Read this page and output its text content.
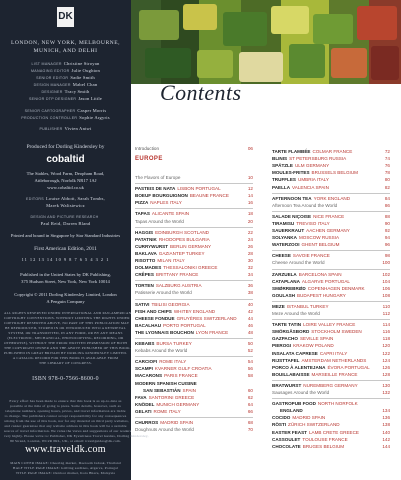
DK
LONDON, NEW YORK, MELBOURNE,
MUNICH, AND DELHI
LIST MANAGER Christine Stroyan
MANAGING EDITOR Julie Oughton
SENIOR EDITOR Sadie Smith
DESIGN MANAGER Mabel Chan
DESIGNER Tracy Smith
SENIOR DTP DESIGNER Jason Little
SENIOR CARTOGRAPHER Casper Morris
PRODUCTION CONTROLLER Sophie Argyris
PUBLISHER Vivien Antwi
Produced for Dorling Kindersley by
cobaltid
The Stables, Wood Farm, Deopham Road,
Attleborough, Norfolk NR17 1AJ
www.cobaltid.co.uk
EDITORS Louise Abbott, Sarah Tombs,
Marek Walisiewicz
DESIGN AND PICTURE RESEARCH
Paul Reid, Darren Bland
Printed and bound in Singapore by Star Standard Industries
First American Edition, 2011
11 12 13 14 10 9 8 7 6 5 4 3 2 1
Published in the United States by DK Publishing,
375 Hudson Street, New York, New York 10014
Copyright © 2011 Dorling Kindersley Limited, London
A Penguin Company
ALL RIGHTS RESERVED UNDER INTERNATIONAL AND PAN-AMERICAN
COPYRIGHT CONVENTIONS. WITHOUT LIMITING THE RIGHTS UNDER
COPYRIGHT RESERVED ABOVE, NO PART OF THIS PUBLICATION MAY
BE REPRODUCED, STORED IN OR INTRODUCED INTO A RETRIEVAL
SYSTEM, OR TRANSMITTED, IN ANY FORM, OR BY ANY MEANS
(ELECTRONIC, MECHANICAL, PHOTOCOPYING, RECORDING, OR
OTHERWISE), WITHOUT THE PRIOR WRITTEN PERMISSION OF BOTH
THE COPYRIGHT OWNER AND THE ABOVE PUBLISHER OF THIS BOOK.
PUBLISHED IN GREAT BRITAIN BY DORLING KINDERSLEY LIMITED.
A CATALOG RECORD FOR THIS BOOK IS AVAILABLE FROM
THE LIBRARY OF CONGRESS.
ISBN 978-0-7566-8600-0
Every effort has been made to ensure that this book is as up-to-date as
possible at the time of going to press. Some details, however, such as
telephone numbers, opening hours, prices, and travel information are liable
to change. The publishers cannot accept responsibility for any consequences
arising from the use of this book, nor for any material on third party websites,
and cannot guarantee that any website address in this book will be a suitable
source of travel information. We value the views and suggestions of our readers
very highly. Please write to: Publisher, DK Eyewitness Travel Guides, Dorling Kindersley,
80 Strand, London, WC2R 0RL, UK, or email: travelguides@dk.com.
www.traveldk.com
MAIN COVER IMAGE: Cheering market, Daeroem Jadaak, Thailand
HALF TITLE PAGE IMAGE: Grilling sardines, Algarve, Portugal
TITLE PAGE IMAGE: Outdoor market, Kota Bharu, Malaysia
Contents
Introduction	06
EUROPE
The Flavors of Europe	10
PASTEIS DE NATA LISBON PORTUGAL	12
BOEUF BOURGUIGNON BEAUNE FRANCE	14
PIZZA NAPLES ITALY	16
TAPAS ALICANTE SPAIN	18
Tapas Around the World	20
HAGGIS EDINBURGH SCOTLAND	22
PATATNIK RHODOPES BULGARIA	24
CURRYWURST BERLIN GERMANY	26
BAKLAVA GAZIANTEP TURKEY	28
RISOTTO MILAN ITALY	30
DOLMADES THESSALONIKI GREECE	32
CRÊPES BRITTANY FRANCE	34
TORTEN SALZBURG AUSTRIA	36
Patisserie Around the World	38
SATIVI TBILISI GEORGIA	40
FISH AND CHIPS WHITBY ENGLAND	42
CHEESE FONDUE GRUYÈRES SWITZERLAND 44
BACALHAU PORTO PORTUGAL	46
THE LYONNAIS BOUCHON LYON FRANCE	48
KEBABS BURSA TURKEY	50
Kebabs Around the World	52
CARCIOFI ROME ITALY	54
SCAMPI KVARNER GULF CROATIA	56
MACARONS PARIS FRANCE	58
MODERN SPANISH CUISINE
SAN SEBASTIÁN SPAIN	60
FAVA SANTORINI GREECE	62
KNÖDEL MUNICH GERMANY	64
GELATI ROME ITALY	66
CHURROS MADRID SPAIN	68
Doughnuts Around the World	70
TARTE FLAMBÉE COLMAR FRANCE	72
BLINIS ST PETERSBURG RUSSIA	74
SPÄTZLE ULM GERMANY	76
MOULES-FRITES BRUSSELS BELGIUM	78
TRUFFLES UMBRIA ITALY	80
PAELLA VALENCIA SPAIN	82
AFTERNOON TEA YORK ENGLAND	84
Afternoon Tea Around the World	86
SALADE NIÇOISE NICE FRANCE	88
TIRAMISU TREVISO ITALY	90
SAUERKRAUT AACHEN GERMANY	92
SOLYANKA MOSCOW RUSSIA	94
WATERZOOI GHENT BELGIUM	96
CHEESE SAVOIE FRANCE	98
Cheese Around the World	100
ZARZUELA BARCELONA SPAIN	102
CATAPLANA ALGARVE PORTUGAL	104
SMØRREBRØD COPENHAGEN DENMARK	106
GOULASH BUDAPEST HUNGARY	108
MEZE ISTANBUL TURKEY	110
Meze Around the World	112
TARTE TATIN LOIRE VALLEY FRANCE	114
SMÖRGÅSBORD STOCKHOLM SWEDEN	116
GAZPACHO SEVILLE SPAIN	118
PIEROGI KRAKOW POLAND	120
INSALATA CAPRESE CAPRI ITALY	122
RIJSTTAFEL AMSTERDAM NETHERLANDS	124
PORCO À ALENTEJANA ÉVORA PORTUGAL	126
BOUILLABAISSE MARSEILLE FRANCE	128
BRATWURST NUREMBERG GERMANY	130
Sausages Around the World	132
GASTROPUB FOOD NORTH NORFOLK
ENGLAND	134
COCIDO MADRID SPAIN	136
RÖSTI ZÜRICH SWITZERLAND	138
EASTER FEAST LAMB CRETE GREECE	140
CASSOULET TOULOUSE FRANCE	142
CHOCOLATE BRUGES BELGIUM	144
